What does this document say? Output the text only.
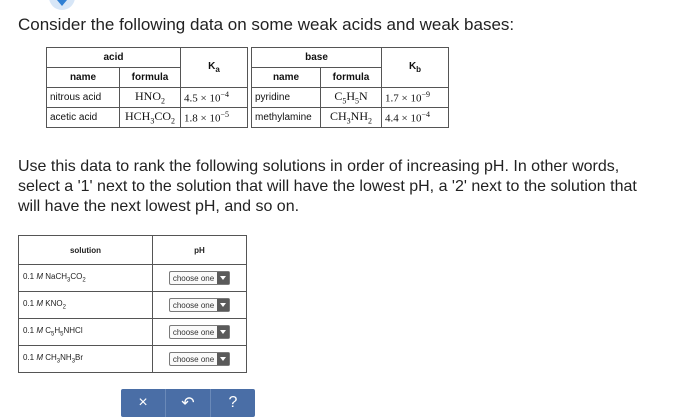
Consider the following data on some weak acids and weak bases:
acid		$K_a$
name	formula	
nitrous acid	$HNO_2$	$4.5 \times 10^{-4}$
acetic acid	$HCH_3CO_2$	$1.8 \times 10^{-5}$
base		$K_b$
name	formula	
pyridine	$C_5H_5N$	$1.7 \times 10^{-9}$
methylamine	$CH_3NH_2$	$4.4 \times 10^{-4}$
Use this data to rank the following solutions in order of increasing pH. In other words, select a '1' next to the solution that will have the lowest pH, a '2' next to the solution that will have the next lowest pH, and so on.
solution	pH
0.1 M $NaCH_3CO_2$	choose one

0.1 M $KNO_2$	choose one

0.1 M $C_5H_5NHCl$	choose one

0.1 M $CH_3NH_3Br$	choose one
×	↶	?
